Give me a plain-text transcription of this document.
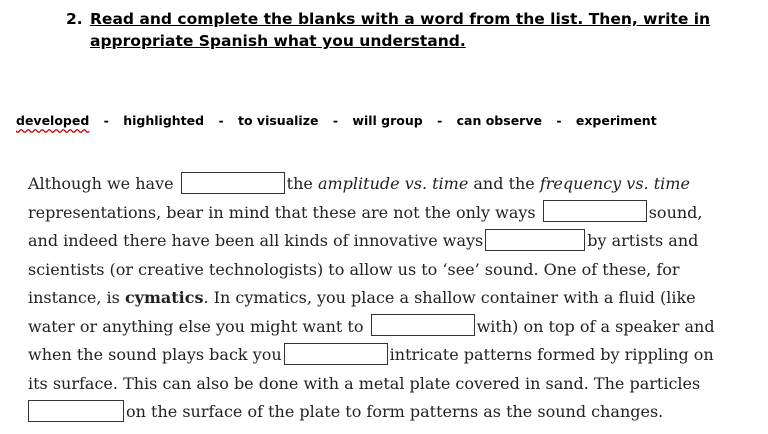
2. Read and complete the blanks with a word from the list. Then, write in appropriate Spanish what you understand.
developed - highlighted - to visualize - will group - can observe - experiment
Although we have	the amplitude vs. time and the frequency vs. time
representations, bear in mind that these are not the only ways	sound,
and indeed there have been all kinds of innovative ways	by artists and
scientists (or creative technologists) to allow us to ‘see’ sound. One of these, for
instance, is cymatics. In cymatics, you place a shallow container with a fluid (like
water or anything else you might want to	with) on top of a speaker and
when the sound plays back you	intricate patterns formed by rippling on
its surface. This can also be done with a metal plate covered in sand. The particles
on the surface of the plate to form patterns as the sound changes.
